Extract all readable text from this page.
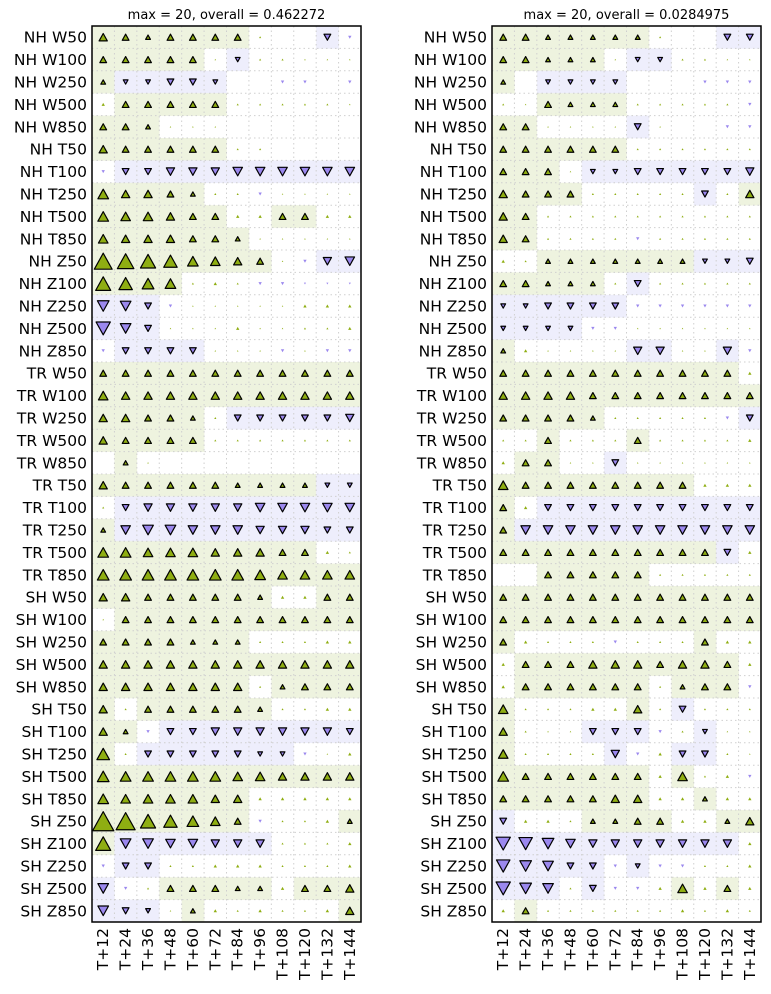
max = 20, overall = 0.462272
NH W50
NH W100
NH W250
NH W500
NH W850
NH T50
NH T100
NH T250
NH T500
NH T850
NH Z50
NH Z100
NH Z250
NH Z500
NH Z850
TR W50
TR W100
TR W250
TR W500
TR W850
TR T50
TR T100
TR T250
TR T500
TR T850
SH W50
SH W100
SH W250
SH W500
SH W850
SH T50
SH T100
SH T250
SH T500
SH T850
SH Z50
SH Z100
SH Z250
SH Z500
SH Z850
T+12 T+24 T+36 T+48 T+60 T+72 T+84 T+96 T+108 T+120 T+132 T+144
max = 20, overall = 0.0284975
NH W50
NH W100
NH W250
NH W500
NH W850
NH T50
NH T100
NH T250
NH T500
NH T850
NH Z50
NH Z100
NH Z250
NH Z500
NH Z850
TR W50
TR W100
TR W250
TR W500
TR W850
TR T50
TR T100
TR T250
TR T500
TR T850
SH W50
SH W100
SH W250
SH W500
SH W850
SH T50
SH T100
SH T250
SH T500
SH T850
SH Z50
SH Z100
SH Z250
SH Z500
SH Z850
T+12 T+24 T+36 T+48 T+60 T+72 T+84 T+96 T+108 T+120 T+132 T+144
